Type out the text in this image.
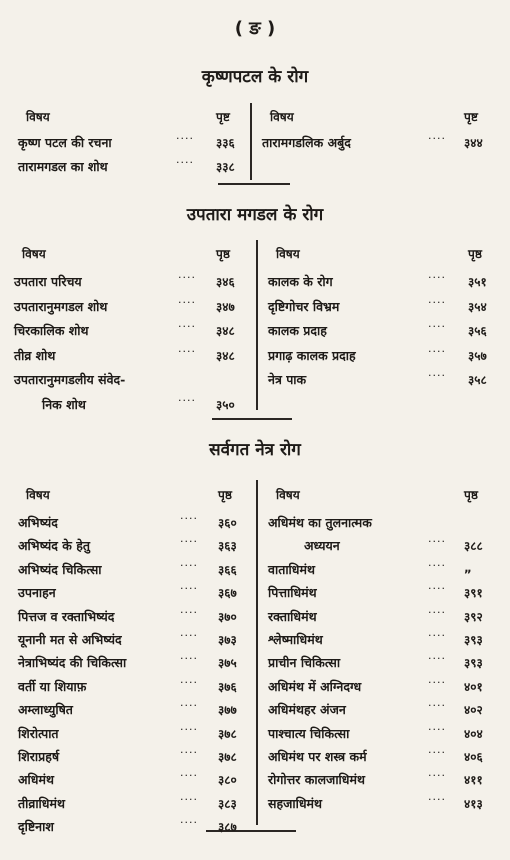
( ङ )
कृष्णपटल के रोग
विषय	पृष्ट	विषय	पृष्ट
कृष्ण पटल की रचना	···· ३३६
तारामगडल का शोथ	···· ३३८
तारामगडलिक अर्बुद	···· ३४४
उपतारा मगडल के रोग
विषय	पृष्ठ	विषय	पृष्ठ
उपतारा परिचय	···· ३४६
उपतारानुमगडल शोथ	···· ३४७
चिरकालिक शोथ	···· ३४८
तीव्र शोथ	···· ३४८
उपतारानुमगडलीय संवेद-
निक शोथ	···· ३५०
कालक के रोग	···· ३५१
दृष्टिगोचर विभ्रम	···· ३५४
कालक प्रदाह	···· ३५६
प्रगाढ़ कालक प्रदाह	···· ३५७
नेत्र पाक	···· ३५८
सर्वगत नेत्र रोग
विषय	पृष्ठ	विषय	पृष्ठ
अभिष्यंद	···· ३६०
अभिष्यंद के हेतु	···· ३६३
अभिष्यंद चिकित्सा	···· ३६६
उपनाहन	···· ३६७
पित्तज व रक्ताभिष्यंद	···· ३७०
यूनानी मत से अभिष्यंद	···· ३७३
नेत्राभिष्यंद की चिकित्सा	···· ३७५
वर्ती या शियाफ़	···· ३७६
अम्लाध्युषित	···· ३७७
शिरोत्पात	···· ३७८
शिराप्रहर्ष	···· ३७८
अधिमंथ	···· ३८०
तीव्राधिमंथ	···· ३८३
दृष्टिनाश	···· ३८७
अधिमंथ का तुलनात्मक
अध्ययन	···· ३८८
वाताधिमंथ	···· „
पित्ताधिमंथ	···· ३९१
रक्ताधिमंथ	···· ३९२
श्लेष्माधिमंथ	···· ३९३
प्राचीन चिकित्सा	···· ३९३
अधिमंथ में अग्निदग्ध	···· ४०१
अधिमंथहर अंजन	···· ४०२
पाश्चात्य चिकित्सा	···· ४०४
अधिमंथ पर शस्त्र कर्म	···· ४०६
रोगोत्तर कालजाधिमंथ	···· ४११
सहजाधिमंथ	···· ४१३
